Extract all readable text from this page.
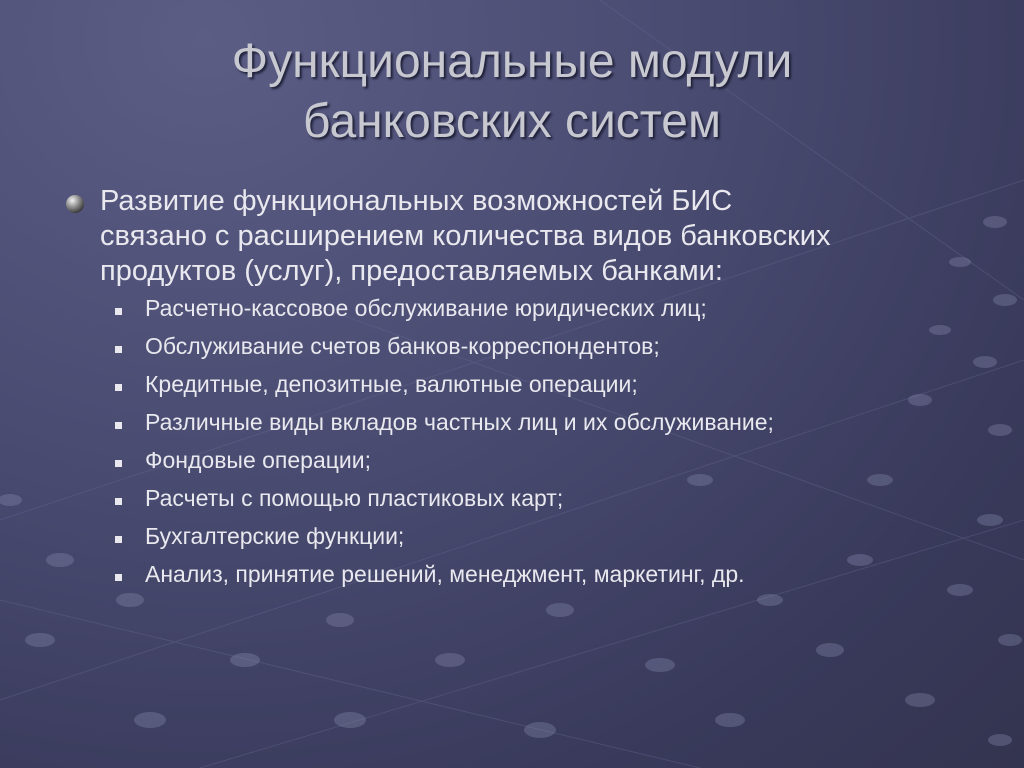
Функциональные модули
банковских систем
Развитие функциональных возможностей БИС
связано с расширением количества видов банковских
продуктов (услуг), предоставляемых банками:
Расчетно-кассовое обслуживание юридических лиц;
Обслуживание счетов банков-корреспондентов;
Кредитные, депозитные, валютные операции;
Различные виды вкладов частных лиц и их обслуживание;
Фондовые операции;
Расчеты с помощью пластиковых карт;
Бухгалтерские функции;
Анализ, принятие решений, менеджмент, маркетинг, др.
